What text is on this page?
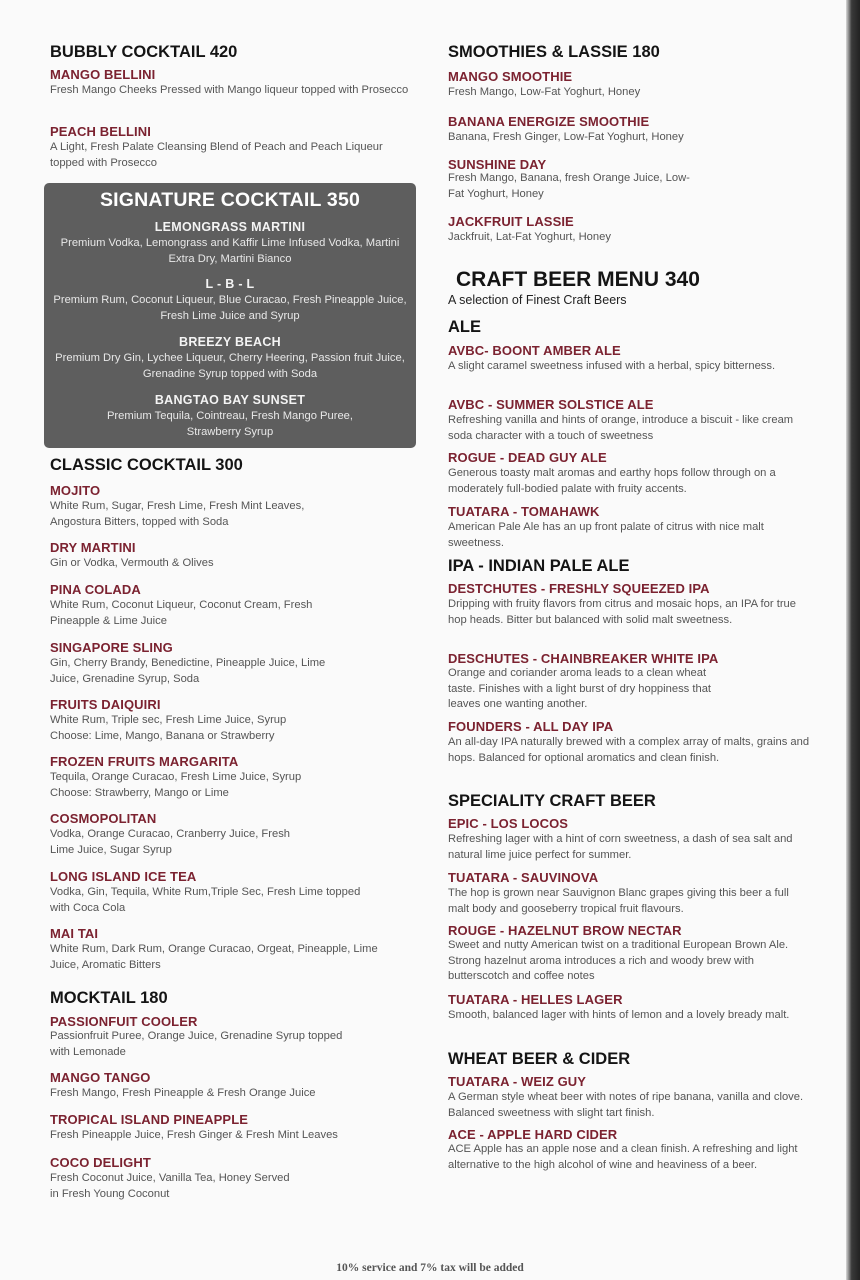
BUBBLY COCKTAIL 420
MANGO BELLINI
Fresh Mango Cheeks Pressed with Mango liqueur topped with Prosecco
PEACH BELLINI
A Light, Fresh Palate Cleansing Blend of Peach and Peach Liqueur topped with Prosecco
SIGNATURE COCKTAIL 350
LEMONGRASS MARTINI
Premium Vodka, Lemongrass and Kaffir Lime Infused Vodka, Martini Extra Dry, Martini Bianco
L - B - L
Premium Rum, Coconut Liqueur, Blue Curacao, Fresh Pineapple Juice, Fresh Lime Juice and Syrup
BREEZY BEACH
Premium Dry Gin, Lychee Liqueur, Cherry Heering, Passion fruit Juice, Grenadine Syrup topped with Soda
BANGTAO BAY SUNSET
Premium Tequila, Cointreau, Fresh Mango Puree, Strawberry Syrup
CLASSIC COCKTAIL 300
MOJITO
White Rum, Sugar, Fresh Lime, Fresh Mint Leaves, Angostura Bitters, topped with Soda
DRY MARTINI
Gin or Vodka, Vermouth & Olives
PINA COLADA
White Rum, Coconut Liqueur, Coconut Cream, Fresh Pineapple & Lime Juice
SINGAPORE SLING
Gin, Cherry Brandy, Benedictine, Pineapple Juice, Lime Juice, Grenadine Syrup, Soda
FRUITS DAIQUIRI
White Rum, Triple sec, Fresh Lime Juice, Syrup Choose: Lime, Mango, Banana or Strawberry
FROZEN FRUITS MARGARITA
Tequila, Orange Curacao, Fresh Lime Juice, Syrup Choose: Strawberry, Mango or Lime
COSMOPOLITAN
Vodka, Orange Curacao, Cranberry Juice, Fresh Lime Juice, Sugar Syrup
LONG ISLAND ICE TEA
Vodka, Gin, Tequila, White Rum,Triple Sec, Fresh Lime topped with Coca Cola
MAI TAI
White Rum, Dark Rum, Orange Curacao, Orgeat, Pineapple, Lime Juice, Aromatic Bitters
MOCKTAIL 180
PASSIONFUIT COOLER
Passionfruit Puree, Orange Juice, Grenadine Syrup topped with Lemonade
MANGO TANGO
Fresh Mango, Fresh Pineapple & Fresh Orange Juice
TROPICAL ISLAND PINEAPPLE
Fresh Pineapple Juice, Fresh Ginger & Fresh Mint Leaves
COCO DELIGHT
Fresh Coconut Juice, Vanilla Tea, Honey Served in Fresh Young Coconut
SMOOTHIES & LASSIE 180
MANGO SMOOTHIE
Fresh Mango, Low-Fat Yoghurt, Honey
BANANA ENERGIZE SMOOTHIE
Banana, Fresh Ginger, Low-Fat Yoghurt, Honey
SUNSHINE DAY
Fresh Mango, Banana, fresh Orange Juice, Low-Fat Yoghurt, Honey
JACKFRUIT LASSIE
Jackfruit, Lat-Fat Yoghurt, Honey
CRAFT BEER MENU 340
A selection of Finest Craft Beers
ALE
AVBC- BOONT AMBER ALE
A slight caramel sweetness infused with a herbal, spicy bitterness.
AVBC - SUMMER SOLSTICE ALE
Refreshing vanilla and hints of orange, introduce a biscuit - like cream soda character with a touch of sweetness
ROGUE - DEAD GUY ALE
Generous toasty malt aromas and earthy hops follow through on a moderately full-bodied palate with fruity accents.
TUATARA - TOMAHAWK
American Pale Ale has an up front palate of citrus with nice malt sweetness.
IPA - INDIAN PALE ALE
DESTCHUTES - FRESHLY SQUEEZED IPA
Dripping with fruity flavors from citrus and mosaic hops, an IPA for true hop heads. Bitter but balanced with solid malt sweetness.
DESCHUTES - CHAINBREAKER WHITE IPA
Orange and coriander aroma leads to a clean wheat taste. Finishes with a light burst of dry hoppiness that leaves one wanting another.
FOUNDERS - ALL DAY IPA
An all-day IPA naturally brewed with a complex array of malts, grains and hops. Balanced for optional aromatics and clean finish.
SPECIALITY CRAFT BEER
EPIC - LOS LOCOS
Refreshing lager with a hint of corn sweetness, a dash of sea salt and natural lime juice perfect for summer.
TUATARA - SAUVINOVA
The hop is grown near Sauvignon Blanc grapes giving this beer a full malt body and gooseberry tropical fruit flavours.
ROUGE - HAZELNUT BROW NECTAR
Sweet and nutty American twist on a traditional European Brown Ale. Strong hazelnut aroma introduces a rich and woody brew with butterscotch and coffee notes
TUATARA - HELLES LAGER
Smooth, balanced lager with hints of lemon and a lovely bready malt.
WHEAT BEER & CIDER
TUATARA - WEIZ GUY
A German style wheat beer with notes of ripe banana, vanilla and clove. Balanced sweetness with slight tart finish.
ACE - APPLE HARD CIDER
ACE Apple has an apple nose and a clean finish. A refreshing and light alternative to the high alcohol of wine and heaviness of a beer.
10% service and 7% tax will be added
